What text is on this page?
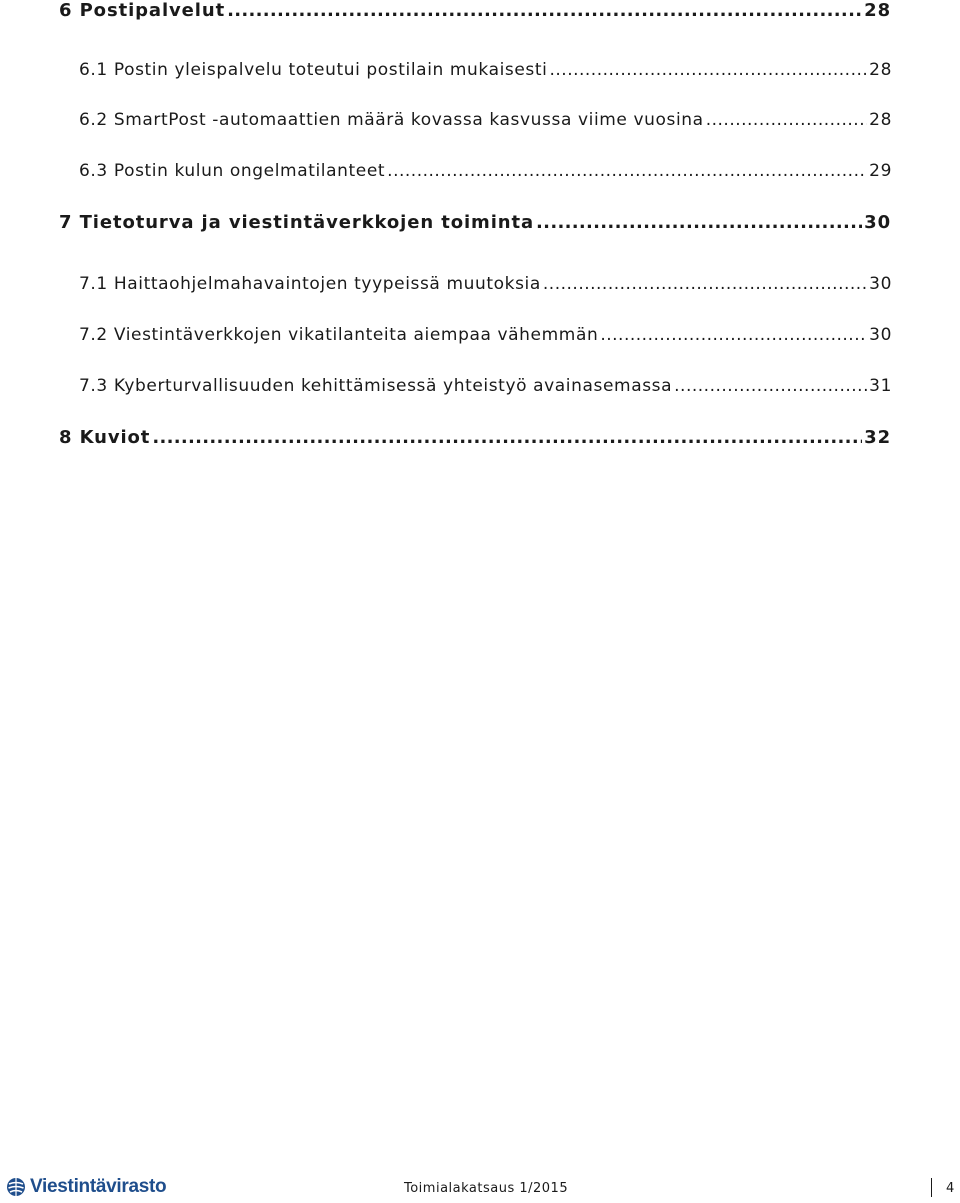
6 Postipalvelut .....	28
6.1 Postin yleispalvelu toteutui postilain mukaisesti .....	28
6.2 SmartPost -automaattien määrä kovassa kasvussa viime vuosina .....	28
6.3 Postin kulun ongelmatilanteet .....	29
7 Tietoturva ja viestintäverkkojen toiminta .....	30
7.1 Haittaohjelmahavaintojen tyypeissä muutoksia .....	30
7.2 Viestintäverkkojen vikatilanteita aiempaa vähemmän .....	30
7.3 Kyberturvallisuuden kehittämisessä yhteistyö avainasemassa .....	31
8 Kuviot .....	32
Viestintävirasto	Toimialakatsaus 1/2015	4
